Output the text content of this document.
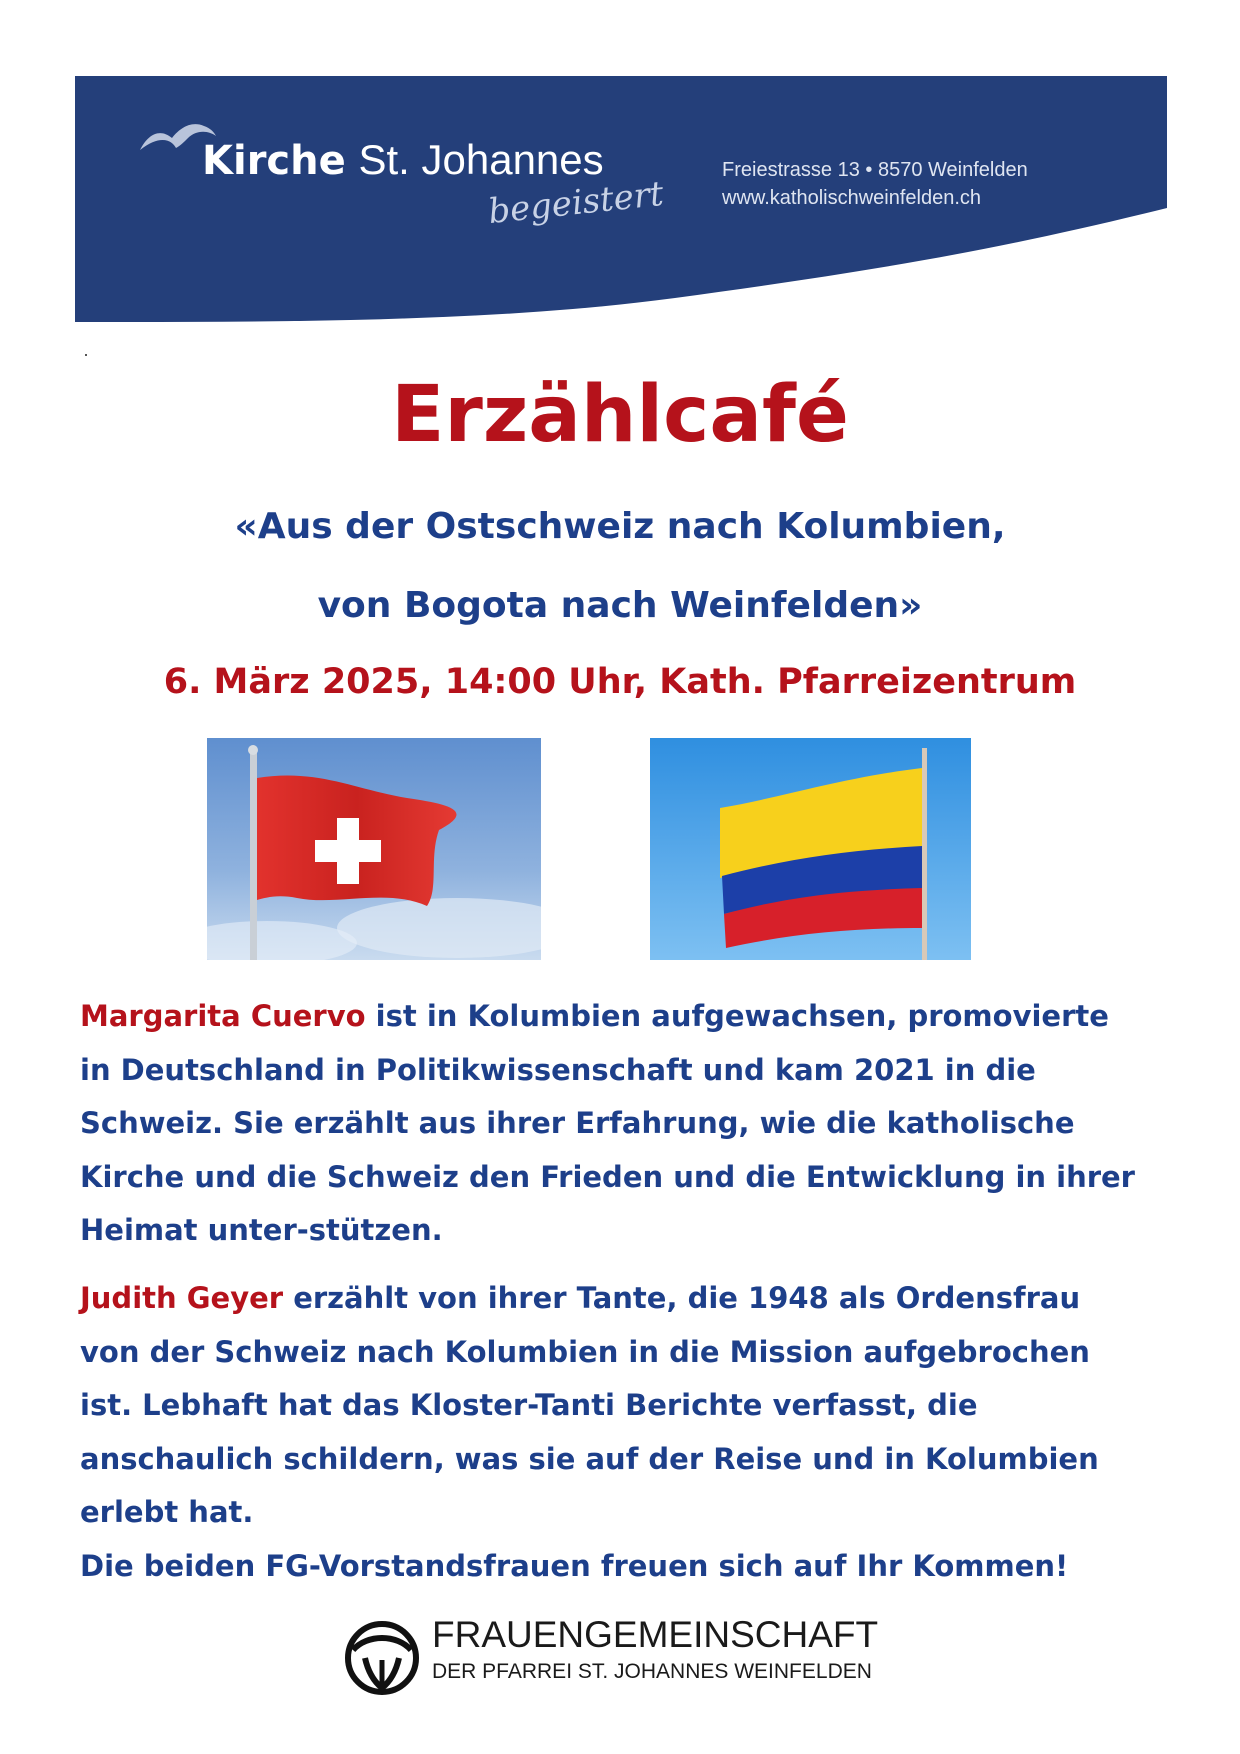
Kirche St. Johannes
begeistert
Freiestrasse 13 • 8570 Weinfelden
www.katholischweinfelden.ch
Erzählcafé
«Aus der Ostschweiz nach Kolumbien,
von Bogota nach Weinfelden»
6. März 2025, 14:00 Uhr, Kath. Pfarreizentrum
Margarita Cuervo ist in Kolumbien aufgewachsen, promovierte in Deutschland in Politikwissenschaft und kam 2021 in die Schweiz. Sie erzählt aus ihrer Erfahrung, wie die katholische Kirche und die Schweiz den Frieden und die Entwicklung in ihrer Heimat unter-stützen.
Judith Geyer erzählt von ihrer Tante, die 1948 als Ordensfrau von der Schweiz nach Kolumbien in die Mission aufgebrochen ist. Lebhaft hat das Kloster-Tanti Berichte verfasst, die anschaulich schildern, was sie auf der Reise und in Kolumbien erlebt hat.
Die beiden FG-Vorstandsfrauen freuen sich auf Ihr Kommen!
FRAUENGEMEINSCHAFT
DER PFARREI ST. JOHANNES WEINFELDEN
